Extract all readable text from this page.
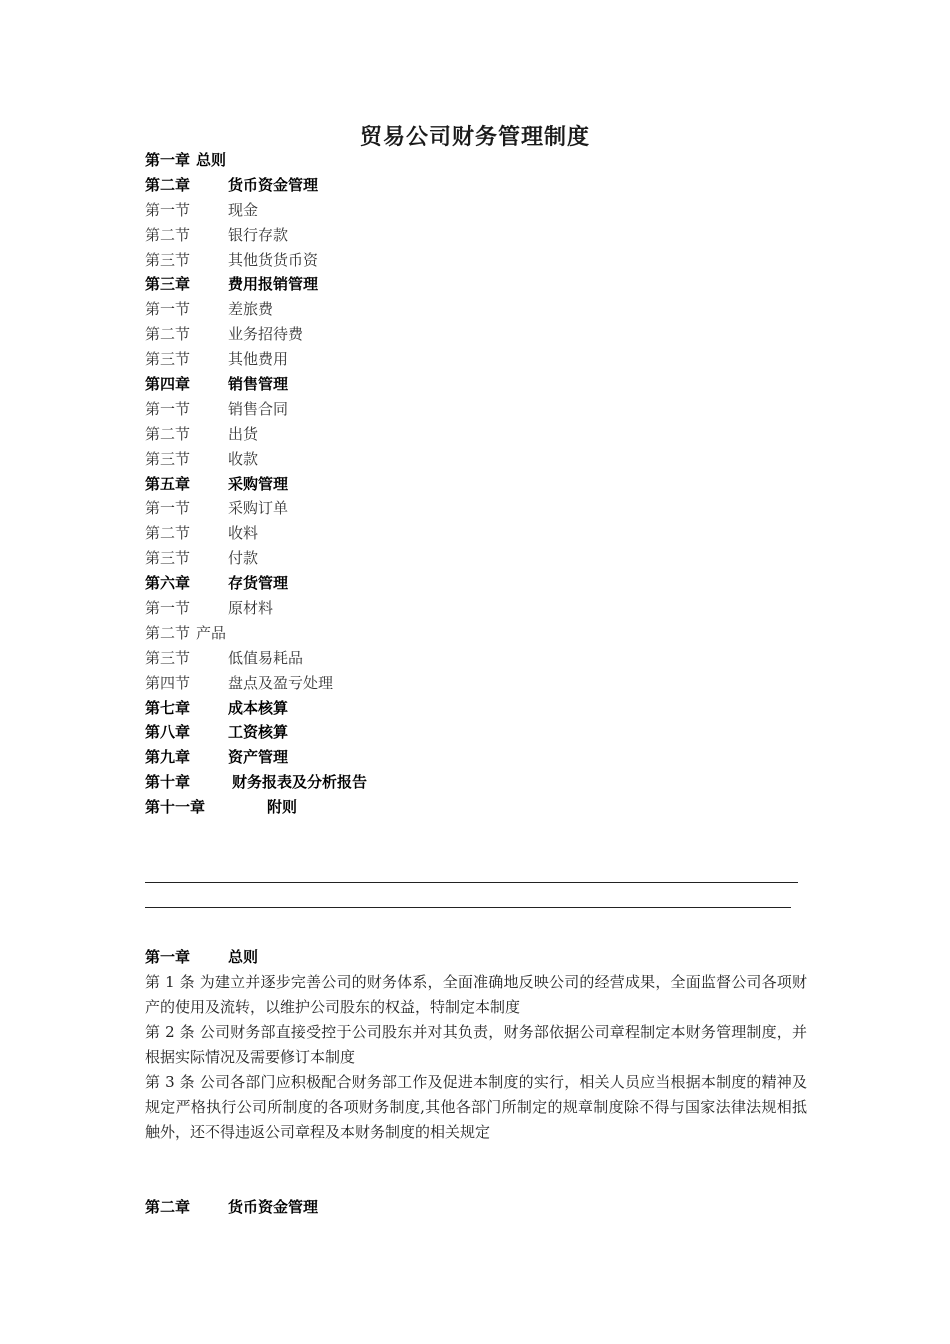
贸易公司财务管理制度
第一章 总则
第二章	货币资金管理
第一节	现金
第二节	银行存款
第三节	其他货货币资
第三章	费用报销管理
第一节	差旅费
第二节	业务招待费
第三节	其他费用
第四章	销售管理
第一节	销售合同
第二节	出货
第三节	收款
第五章	采购管理
第一节	采购订单
第二节	收料
第三节	付款
第六章	存货管理
第一节	原材料
第二节 产品
第三节	低值易耗品
第四节	盘点及盈亏处理
第七章	成本核算
第八章	工资核算
第九章	资产管理
第十章	财务报表及分析报告
第十一章	附则
第一章	总则

第 1 条 为建立并逐步完善公司的财务体系，全面准确地反映公司的经营成果，全面监督公司各项财产的使用及流转，以维护公司股东的权益，特制定本制度

第 2 条 公司财务部直接受控于公司股东并对其负责，财务部依据公司章程制定本财务管理制度，并根据实际情况及需要修订本制度

第 3 条 公司各部门应积极配合财务部工作及促进本制度的实行，相关人员应当根据本制度的精神及规定严格执行公司所制度的各项财务制度,其他各部门所制定的规章制度除不得与国家法律法规相抵触外，还不得违返公司章程及本财务制度的相关规定

第二章	货币资金管理
